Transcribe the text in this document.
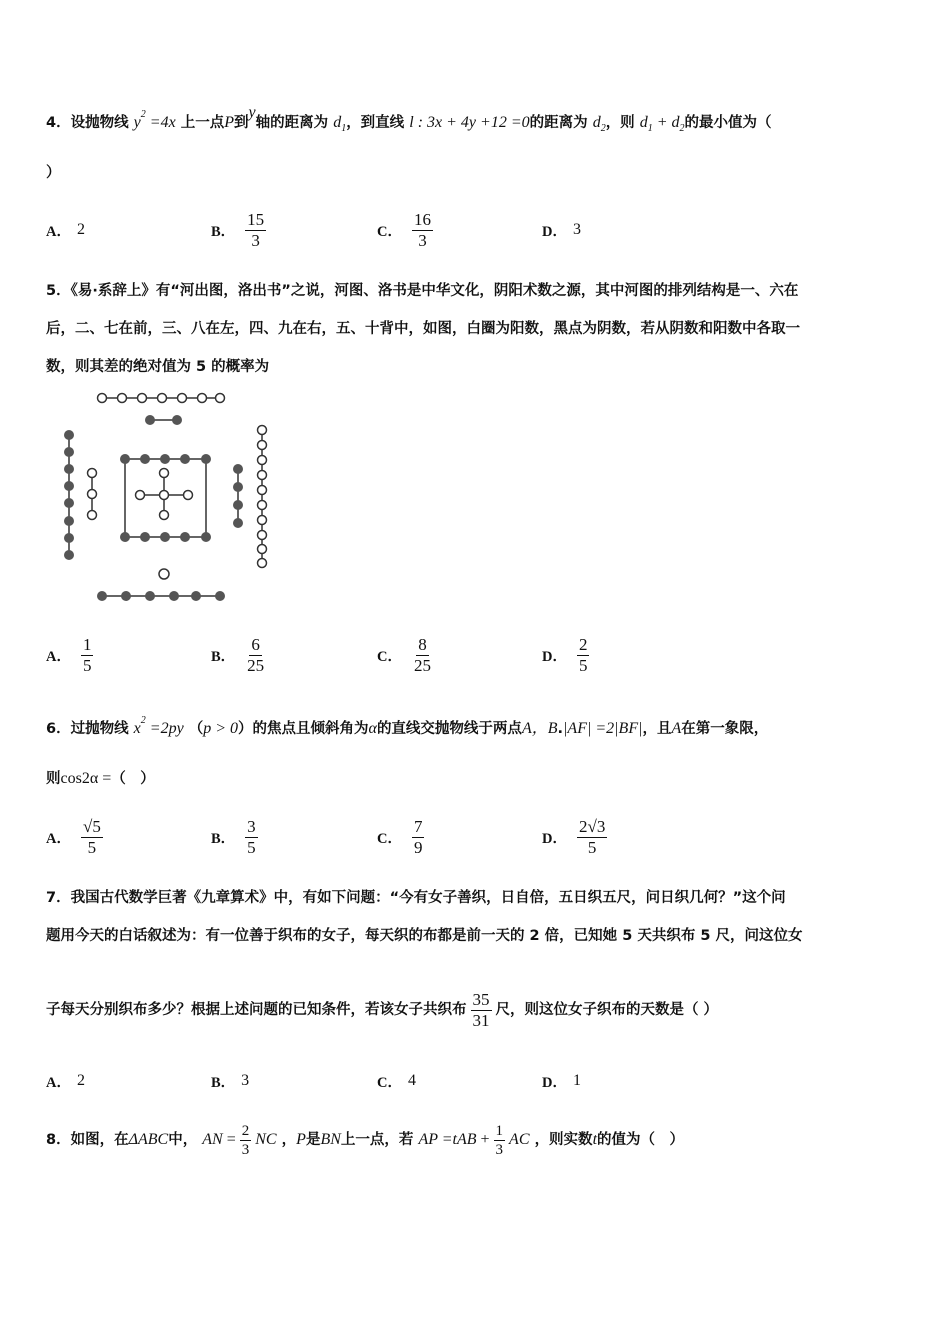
4．设抛物线 $y^2 =4x$ 上一点P到y轴的距离为 $d_1$，到直线 l : 3x + 4y +12 =0的距离为 $d_2$，则 $d_1 + d_2$的最小值为（
）
A． 2	B． $\frac{15}{3}$	C． $\frac{16}{3}$	D． 3
5．《易·系辞上》有“河出图，洛出书”之说，河图、洛书是中华文化，阴阳术数之源，其中河图的排列结构是一、六在
后，二、七在前，三、八在左，四、九在右，五、十背中，如图，白圈为阳数，黑点为阴数，若从阴数和阳数中各取一
数，则其差的绝对值为 5 的概率为
A． $\frac{1}{5}$	B． $\frac{6}{25}$	C． $\frac{8}{25}$	D． $\frac{2}{5}$
6．过抛物线 $x^2 =2py$ （p > 0）的焦点且倾斜角为α的直线交抛物线于两点A，B.|AF| =2|BF|，且A在第一象限，
则cos2α =（　）
A． $\frac{√5}{5}$	B． $\frac{3}{5}$	C． $\frac{7}{9}$	D． $\frac{2√3}{5}$
7．我国古代数学巨著《九章算术》中，有如下问题：“今有女子善织，日自倍，五日织五尺，问日织几何？”这个问
题用今天的白话叙述为：有一位善于织布的女子，每天织的布都是前一天的 2 倍，已知她 5 天共织布 5 尺，问这位女
子每天分别织布多少？根据上述问题的已知条件，若该女子共织布 $\frac{35}{31}$ 尺，则这位女子织布的天数是（ ）
A． 2	B． 3	C． 4	D． 1
8．如图，在ΔABC中， AN = $\frac{2}{3}$ NC ，P是BN上一点，若 AP $=tAB + \frac{1}{3}$ AC ，则实数t的值为（　）
